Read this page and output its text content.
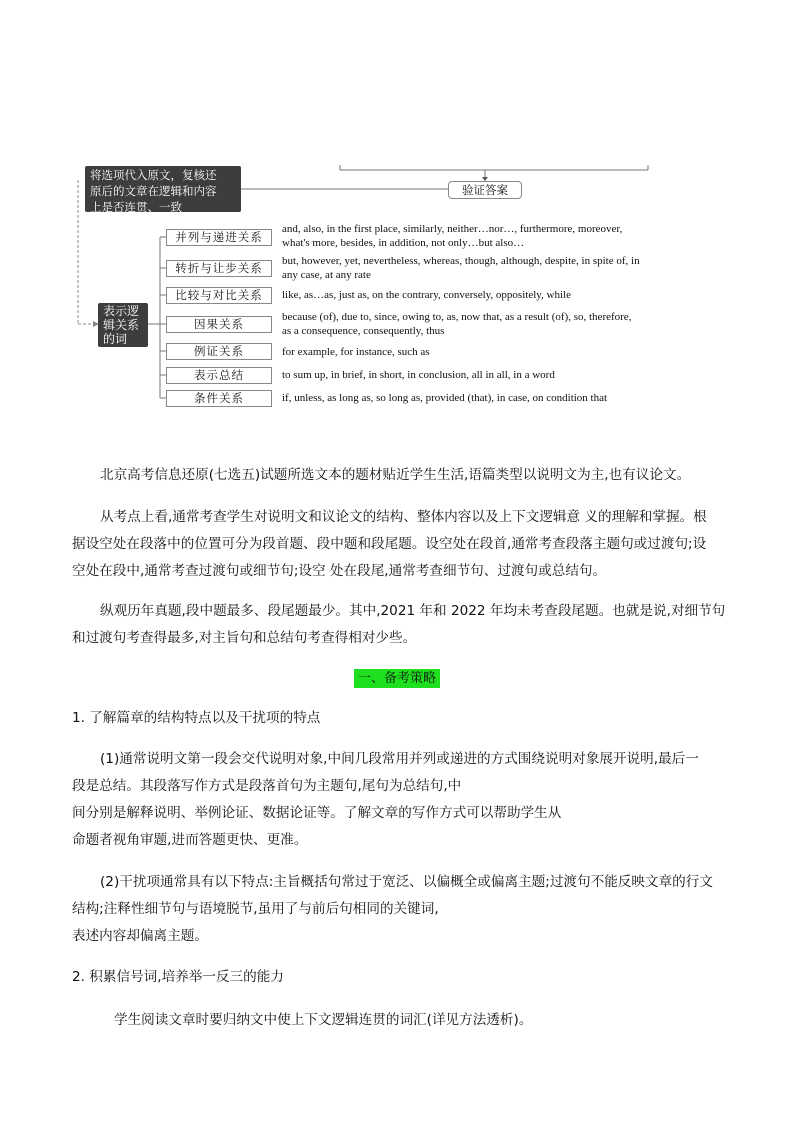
将选项代入原文，复核还
原后的文章在逻辑和内容
上是否连贯、一致
验证答案
表示逻
辑关系
的词
并列与递进关系
and, also, in the first place, similarly, neither…nor…, furthermore, moreover,
what's more, besides, in addition, not only…but also…
转折与让步关系	but, however, yet, nevertheless, whereas, though, although, despite, in spite of, in
any case, at any rate
比较与对比关系	like, as…as, just as, on the contrary, conversely, oppositely, while
因果关系	because (of), due to, since, owing to, as, now that, as a result (of), so, therefore,
as a consequence, consequently, thus
例证关系	for example, for instance, such as
表示总结	to sum up, in brief, in short, in conclusion, all in all, in a word
条件关系	if, unless, as long as, so long as, provided (that), in case, on condition that
北京高考信息还原(七选五)试题所选文本的题材贴近学生生活,语篇类型以说明文为主,也有议论文。
从考点上看,通常考查学生对说明文和议论文的结构、整体内容以及上下文逻辑意 义的理解和掌握。根
据设空处在段落中的位置可分为段首题、段中题和段尾题。设空处在段首,通常考查段落主题句或过渡句;设
空处在段中,通常考查过渡句或细节句;设空 处在段尾,通常考查细节句、过渡句或总结句。
纵观历年真题,段中题最多、段尾题最少。其中,2021 年和 2022 年均未考查段尾题。也就是说,对细节句
和过渡句考查得最多,对主旨句和总结句考查得相对少些。
一、备考策略
1. 了解篇章的结构特点以及干扰项的特点
(1)通常说明文第一段会交代说明对象,中间几段常用并列或递进的方式围绕说明对象展开说明,最后一
段是总结。其段落写作方式是段落首句为主题句,尾句为总结句,中
间分别是解释说明、举例论证、数据论证等。了解文章的写作方式可以帮助学生从
命题者视角审题,进而答题更快、更准。
(2)干扰项通常具有以下特点:主旨概括句常过于宽泛、以偏概全或偏离主题;过渡句不能反映文章的行文
结构;注释性细节句与语境脱节,虽用了与前后句相同的关键词,
表述内容却偏离主题。
2. 积累信号词,培养举一反三的能力
学生阅读文章时要归纳文中使上下文逻辑连贯的词汇(详见方法透析)。
